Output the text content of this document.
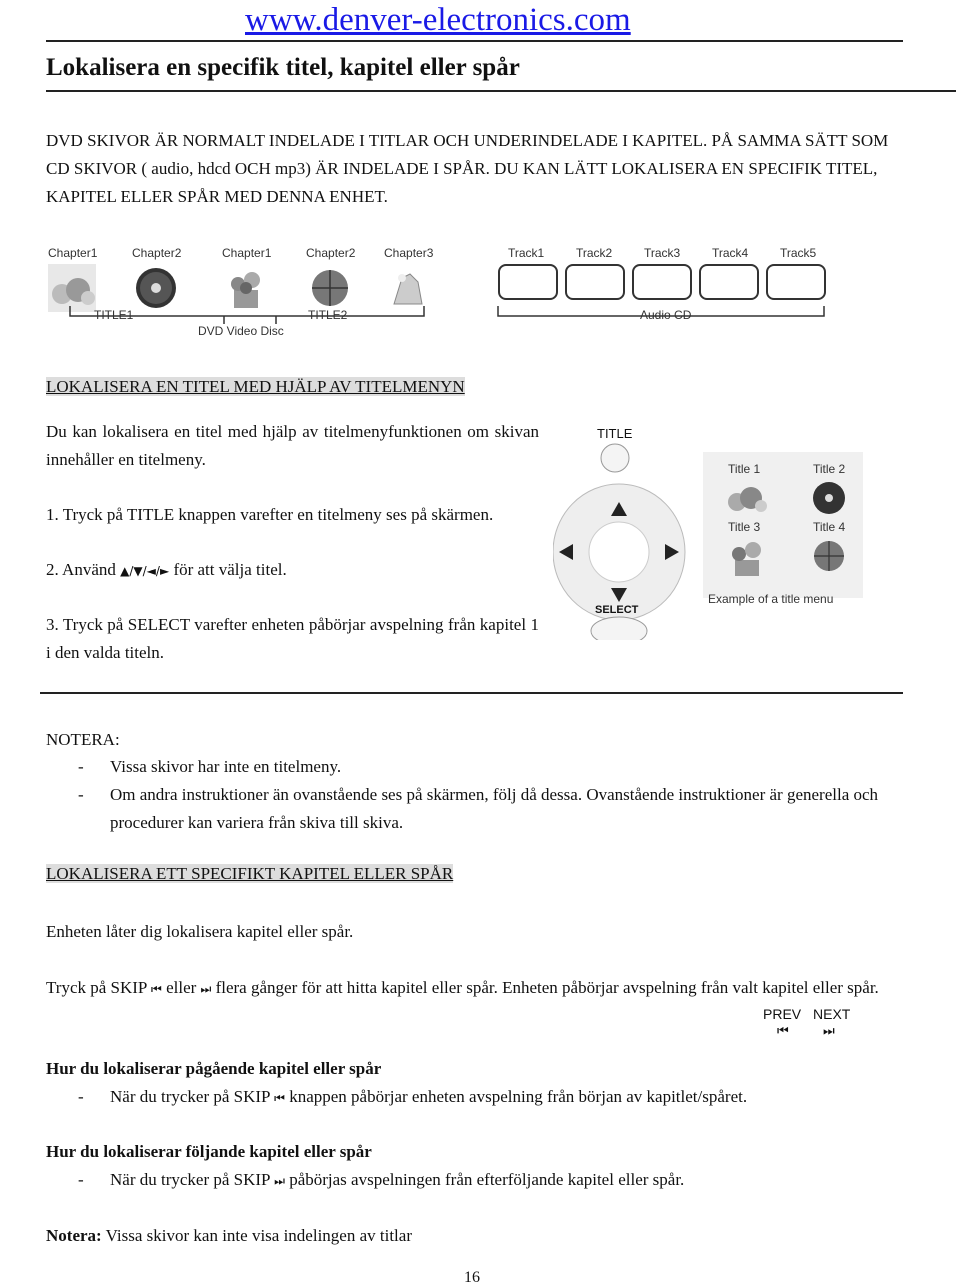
www.denver-electronics.com
Lokalisera en specifik titel, kapitel eller spår
DVD SKIVOR ÄR NORMALT INDELADE I TITLAR OCH UNDERINDELADE I KAPITEL. PÅ SAMMA SÄTT SOM CD SKIVOR ( audio, hdcd OCH mp3) ÄR INDELADE I SPÅR. DU KAN LÄTT LOKALISERA EN SPECIFIK TITEL, KAPITEL ELLER SPÅR MED DENNA ENHET.
Chapter1	Chapter2	Chapter1	Chapter2 Chapter3
TITLE1	TITLE2
DVD Video Disc
Track1	Track2	Track3	Track4	Track5
Audio CD
LOKALISERA EN TITEL MED HJÄLP AV TITELMENYN
Du kan lokalisera en titel med hjälp av titelmenyfunktionen om skivan innehåller en titelmeny.
1. Tryck på TITLE knappen varefter en titelmeny ses på skärmen.
2. Använd ▲/▼/◄/► för att välja titel.
3. Tryck på SELECT varefter enheten påbörjar avspelning från kapitel 1 i den valda titeln.
TITLE
SELECT
Title 1	Title 2
Title 3	Title 4
Example of a title menu
NOTERA:
- Vissa skivor har inte en titelmeny.
- Om andra instruktioner än ovanstående ses på skärmen, följ då dessa. Ovanstående instruktioner är generella och procedurer kan variera från skiva till skiva.
LOKALISERA ETT SPECIFIKT KAPITEL ELLER SPÅR
Enheten låter dig lokalisera kapitel eller spår.
Tryck på SKIP ⏮ eller ⏭ flera gånger för att hitta kapitel eller spår. Enheten påbörjar avspelning från valt kapitel eller spår.
PREV NEXT
⏮	⏭
Hur du lokaliserar pågående kapitel eller spår
- När du trycker på SKIP ⏮ knappen påbörjar enheten avspelning från början av kapitlet/spåret.
Hur du lokaliserar följande kapitel eller spår
- När du trycker på SKIP ⏭ påbörjas avspelningen från efterföljande kapitel eller spår.
Notera: Vissa skivor kan inte visa indelingen av titlar
16
